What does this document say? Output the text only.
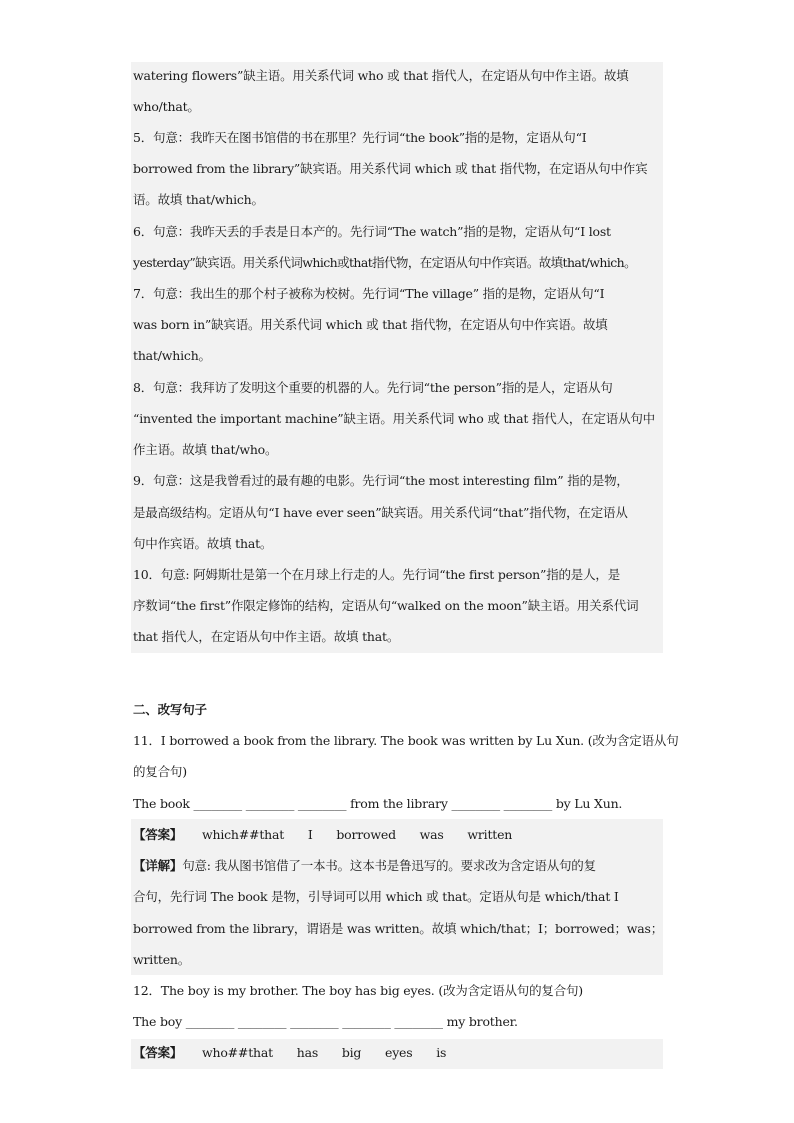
watering flowers”缺主语。用关系代词 who 或 that 指代人，在定语从句中作主语。故填
who/that。
5．句意：我昨天在图书馆借的书在那里？先行词“the book”指的是物，定语从句“I
borrowed from the library”缺宾语。用关系代词 which 或 that 指代物，在定语从句中作宾
语。故填 that/which。
6．句意：我昨天丢的手表是日本产的。先行词“The watch”指的是物，定语从句“I lost
yesterday”缺宾语。用关系代词which或that指代物，在定语从句中作宾语。故填that/which。
7．句意：我出生的那个村子被称为校树。先行词“The village” 指的是物，定语从句“I
was born in”缺宾语。用关系代词 which 或 that 指代物，在定语从句中作宾语。故填
that/which。
8．句意：我拜访了发明这个重要的机器的人。先行词“the person”指的是人，定语从句
“invented the important machine”缺主语。用关系代词 who 或 that 指代人，在定语从句中
作主语。故填 that/who。
9．句意：这是我曾看过的最有趣的电影。先行词“the most interesting film” 指的是物，
是最高级结构。定语从句“I have ever seen”缺宾语。用关系代词“that”指代物，在定语从
句中作宾语。故填 that。
10．句意: 阿姆斯壮是第一个在月球上行走的人。先行词“the first person”指的是人，是
序数词“the first”作限定修饰的结构，定语从句“walked on the moon”缺主语。用关系代词
that 指代人，在定语从句中作主语。故填 that。
二、改写句子
11．I borrowed a book from the library. The book was written by Lu Xun. (改为含定语从句
的复合句)
The book ________ ________ ________ from the library ________ ________ by Lu Xun.
【答案】 which##that I borrowed was written
【详解】句意: 我从图书馆借了一本书。这本书是鲁迅写的。要求改为含定语从句的复
合句，先行词 The book 是物，引导词可以用 which 或 that。定语从句是 which/that I
borrowed from the library，谓语是 was written。故填 which/that；I；borrowed；was；
written。
12．The boy is my brother. The boy has big eyes. (改为含定语从句的复合句)
The boy ________ ________ ________ ________ ________ my brother.
【答案】 who##that has big eyes is
